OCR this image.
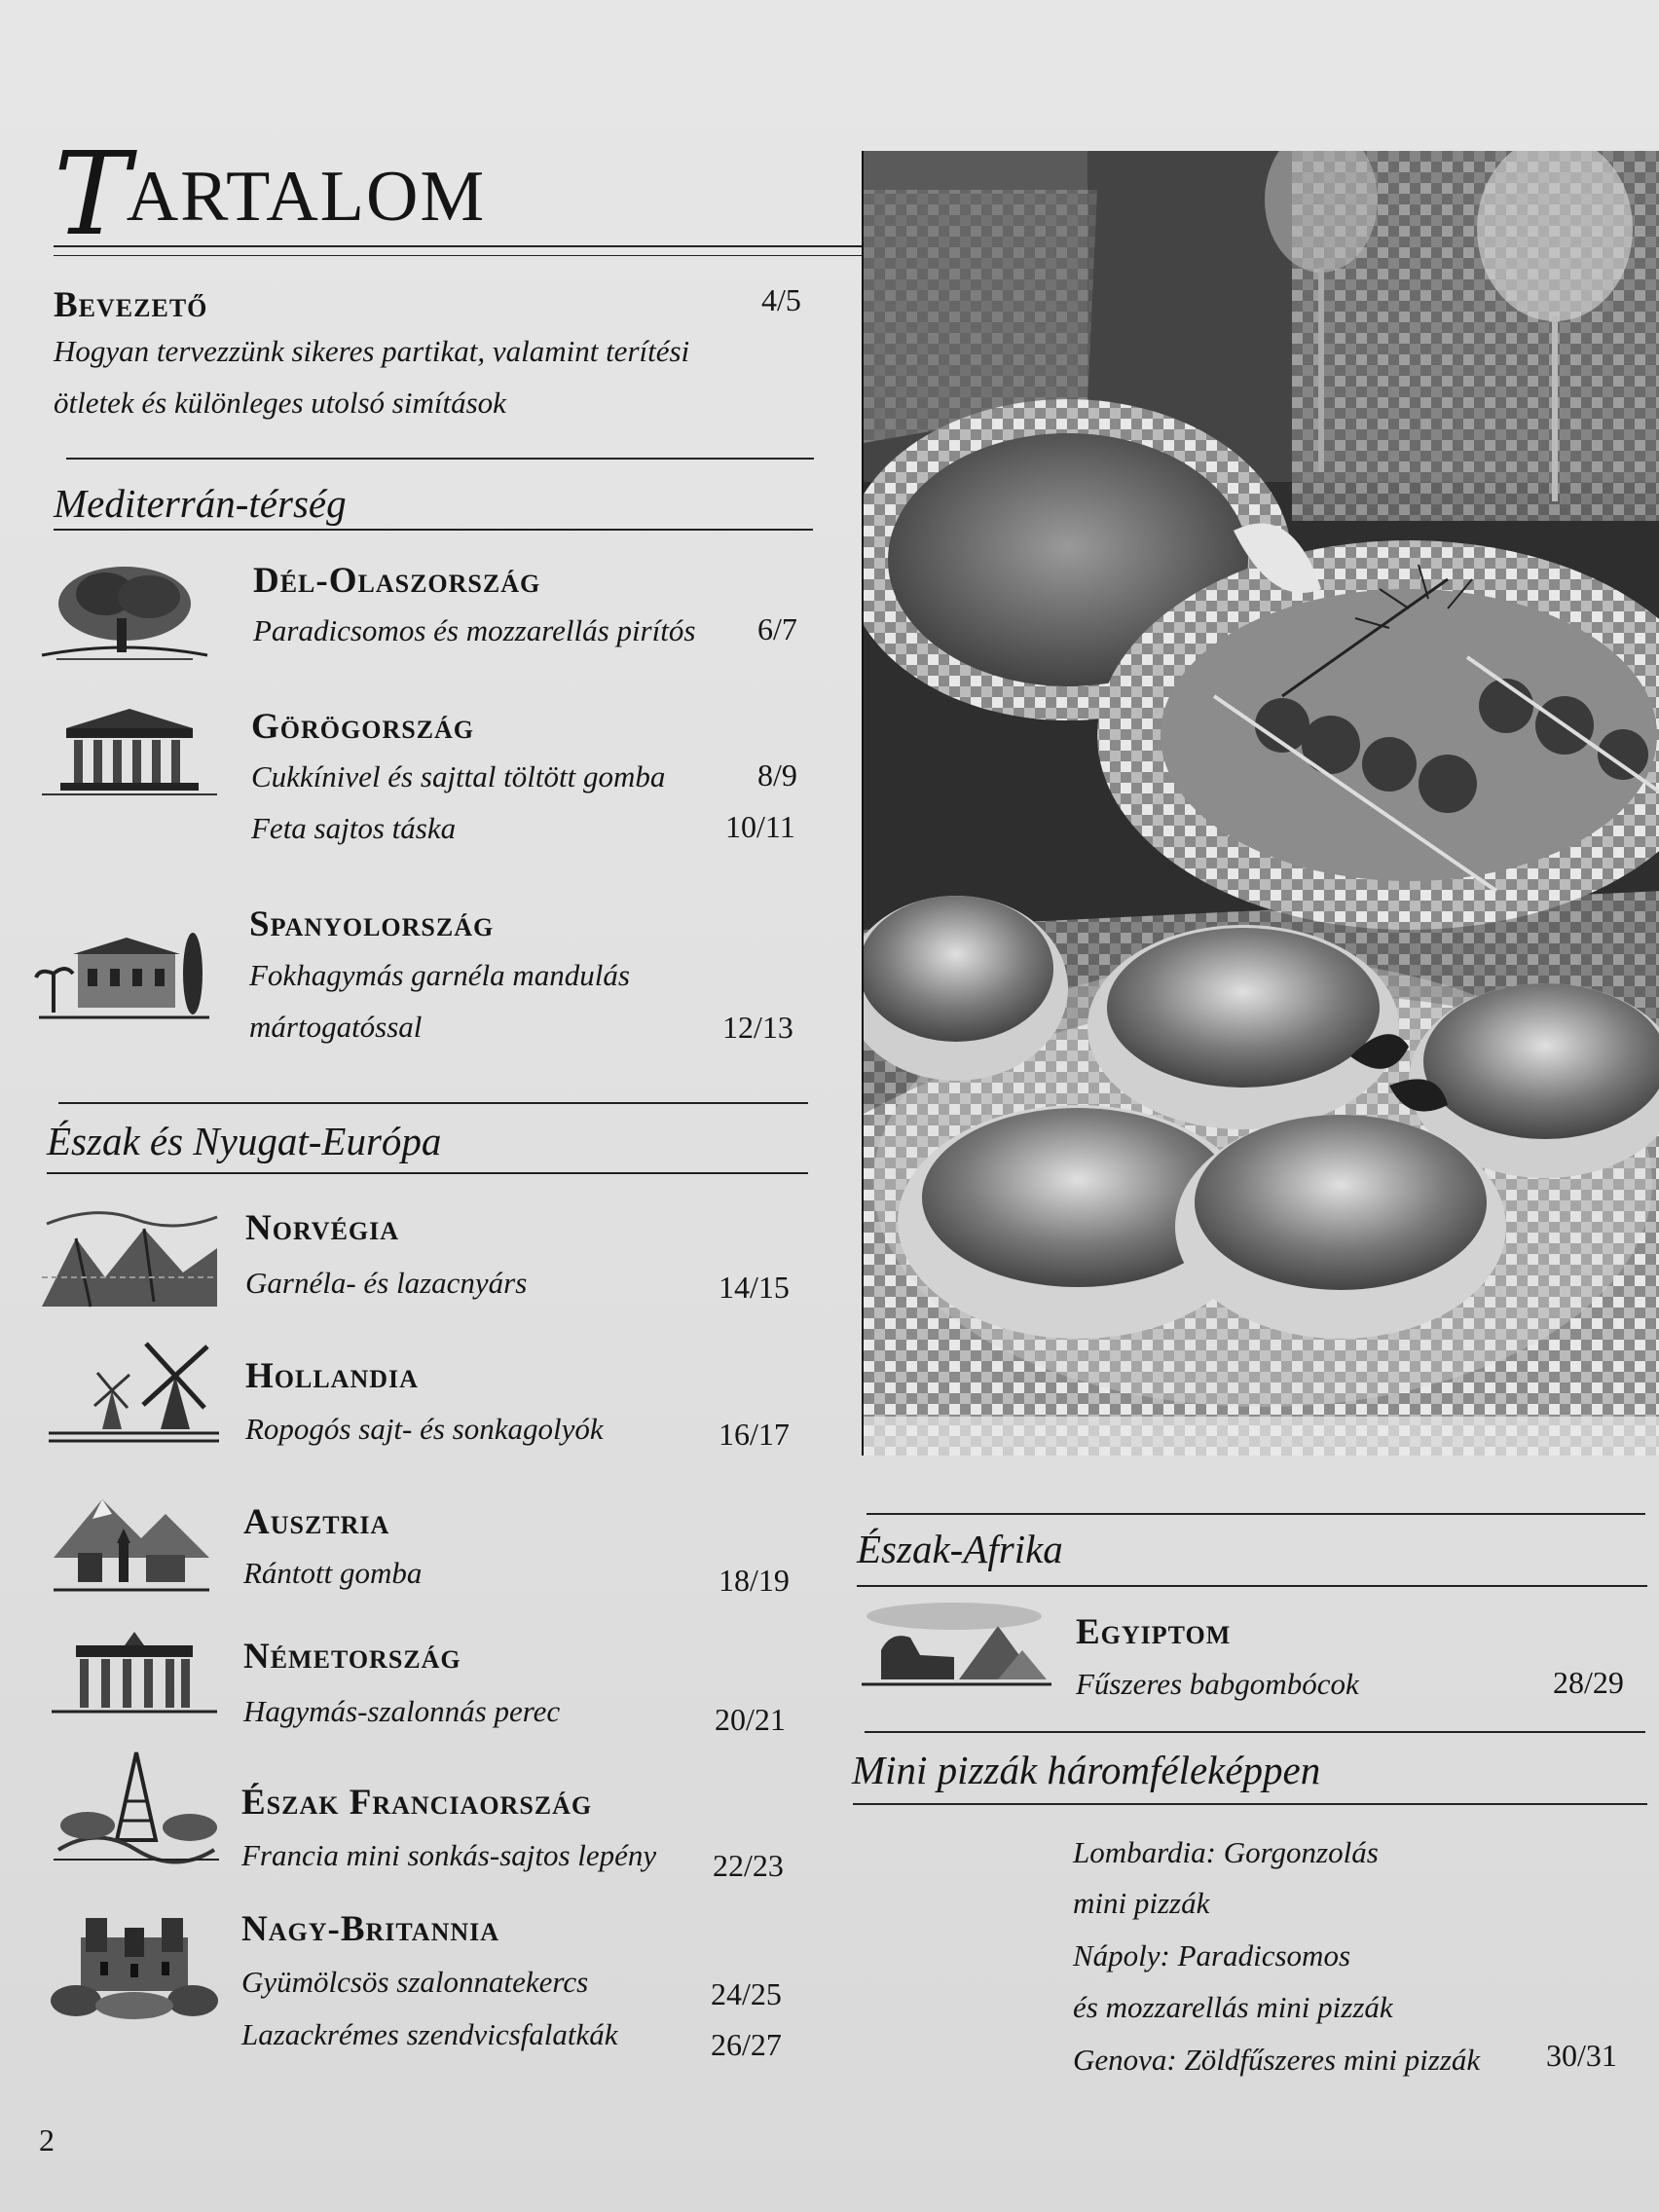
TARTALOM
Bevezető	4/5
Hogyan tervezzünk sikeres partikat, valamint terítési
ötletek és különleges utolsó simítások
Mediterrán-térség
Dél-Olaszország
Paradicsomos és mozzarellás pirítós 6/7
Görögország
Cukkínivel és sajttal töltött gomba	8/9
Feta sajtos táska	10/11
Spanyolország
Fokhagymás garnéla mandulás
mártogatóssal	12/13
Észak és Nyugat-Európa
Norvégia
Garnéla- és lazacnyárs	14/15
Hollandia
Ropogós sajt- és sonkagolyók	16/17
Ausztria
Rántott gomba	18/19
Németország
Hagymás-szalonnás perec	20/21
Észak Franciaország
Francia mini sonkás-sajtos lepény 22/23
Nagy-Britannia
Gyümölcsös szalonnatekercs	24/25
Lazackrémes szendvicsfalatkák	26/27
2
Észak-Afrika
Egyiptom
Fűszeres babgombócok	28/29
Mini pizzák háromféleképpen
Lombardia: Gorgonzolás
mini pizzák
Nápoly: Paradicsomos
és mozzarellás mini pizzák
Genova: Zöldfűszeres mini pizzák 30/31
